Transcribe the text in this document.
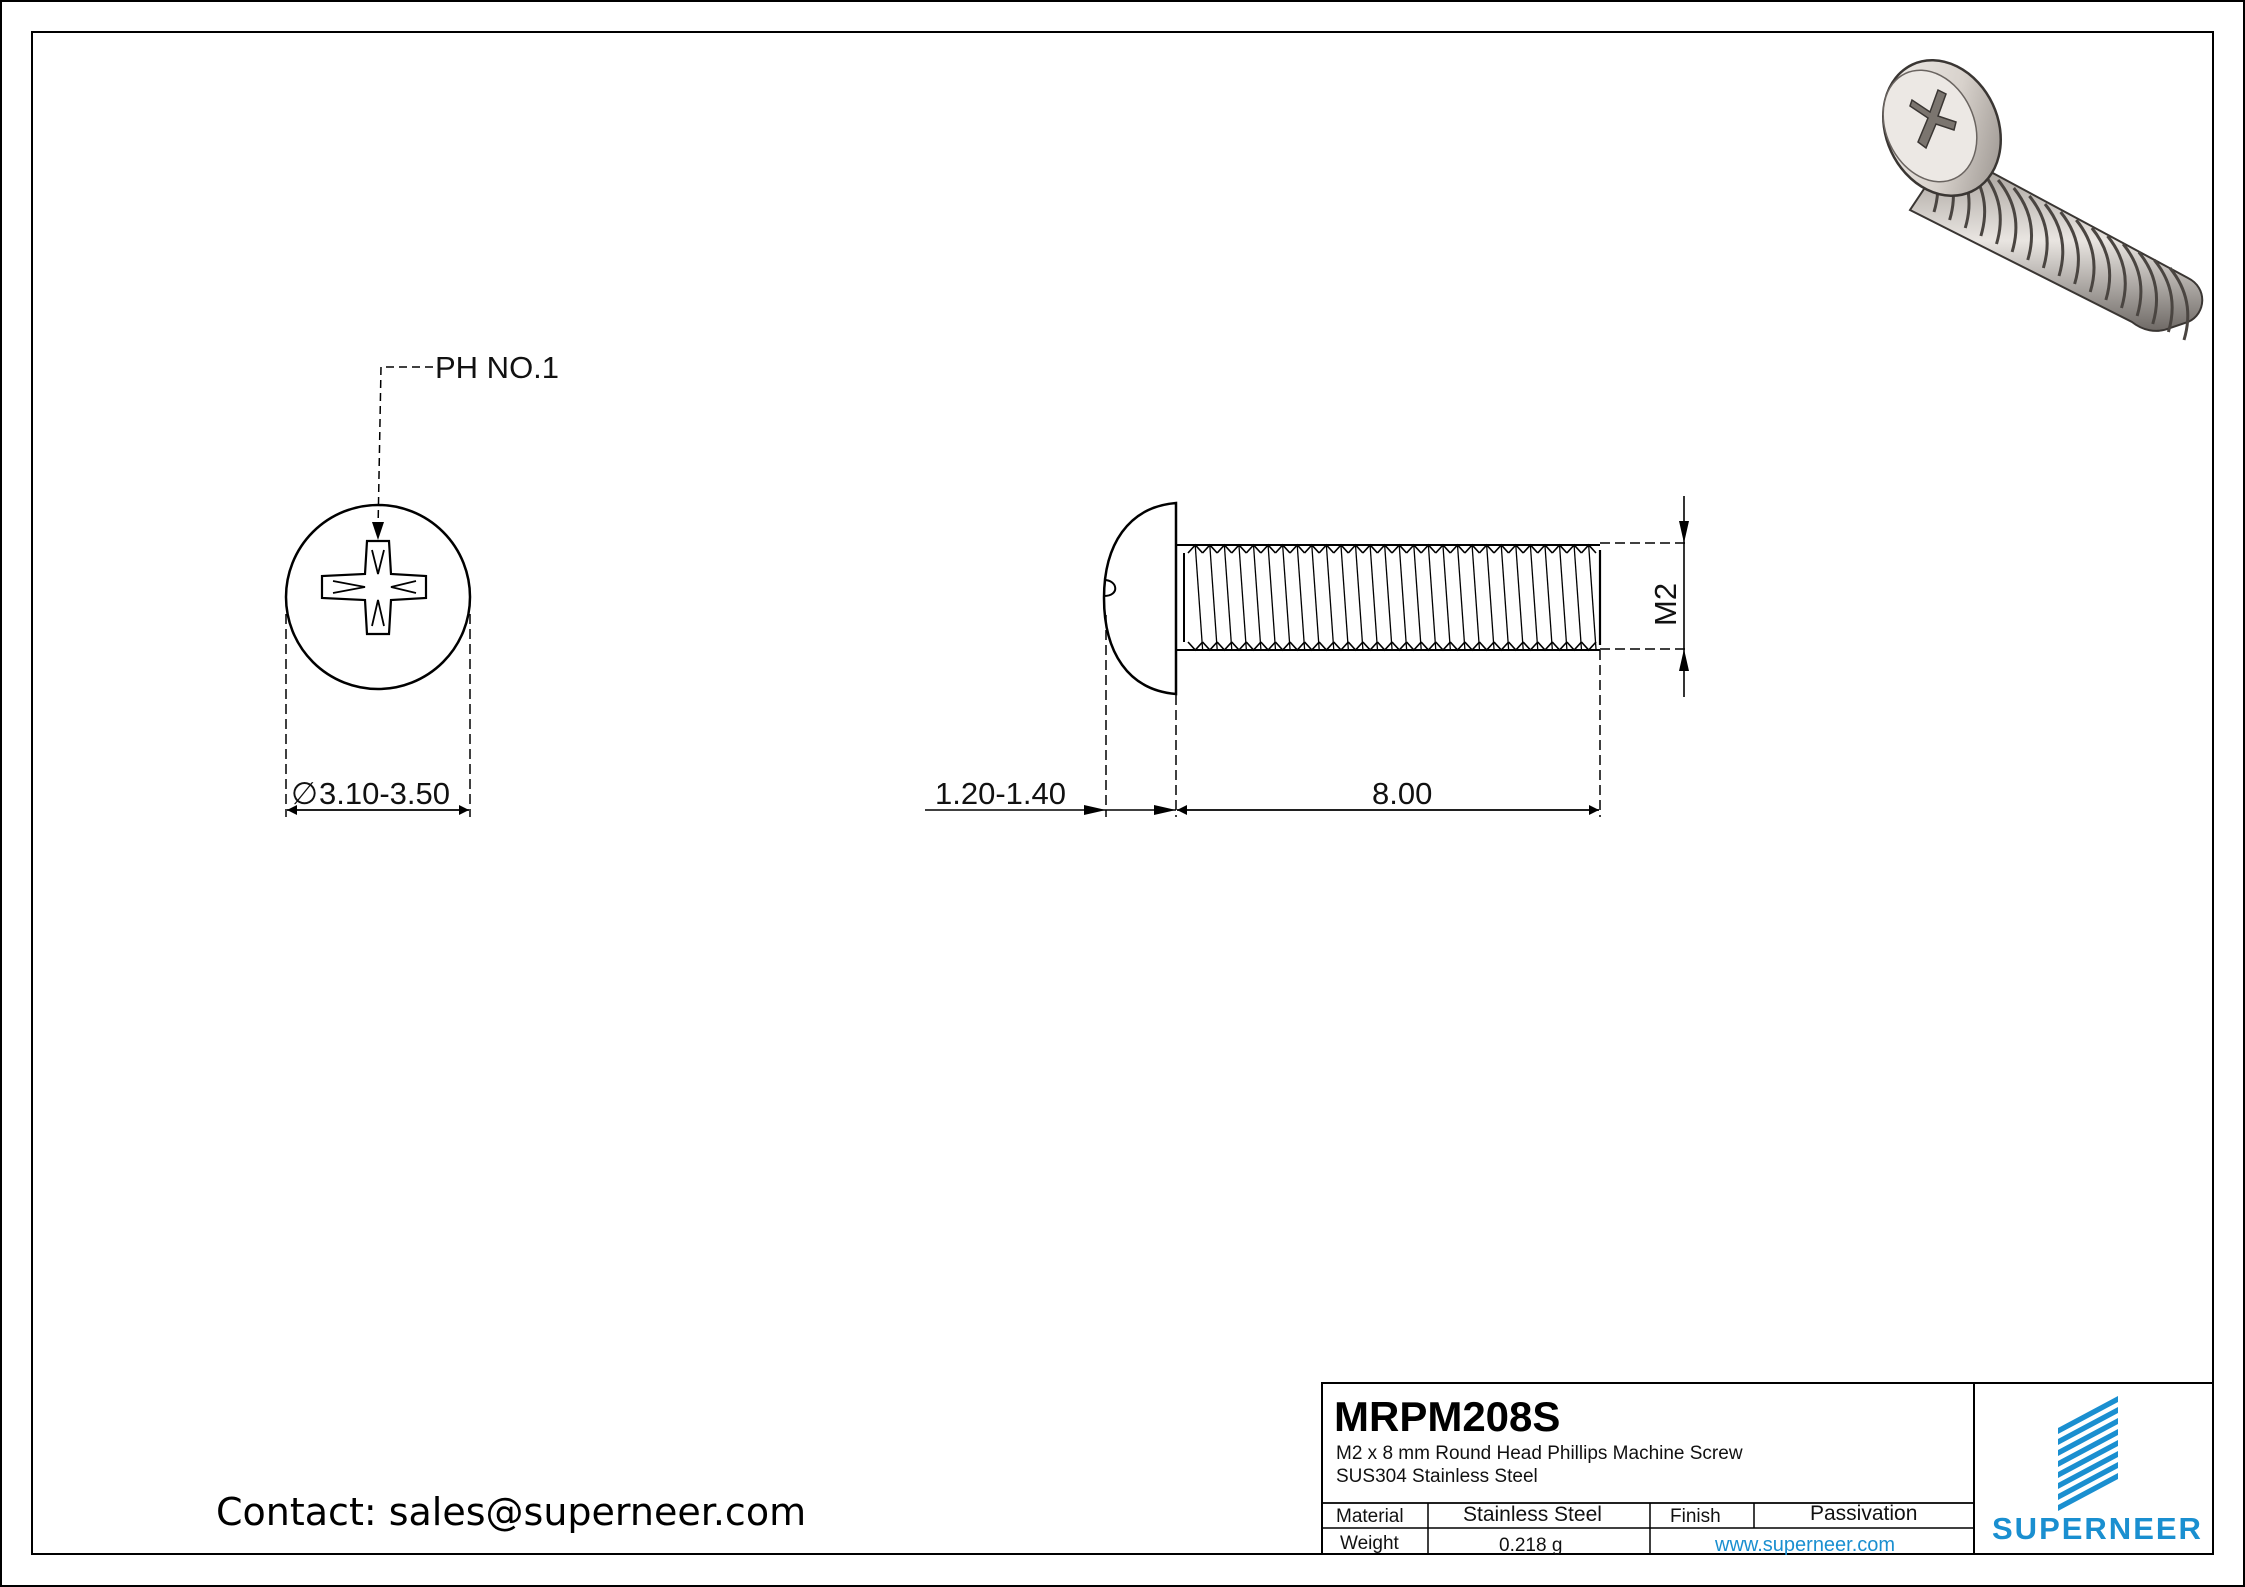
∅ 3.10-3.50
PH NO.1
1.20-1.40	8.00
M2
Contact: sales@superneer.com
MRPM208S
M2 x 8 mm Round Head Phillips Machine Screw
SUS304 Stainless Steel
Material	Stainless Steel	Finish	Passivation
Weight	0.218 g	www.superneer.com	SUPERNEER
